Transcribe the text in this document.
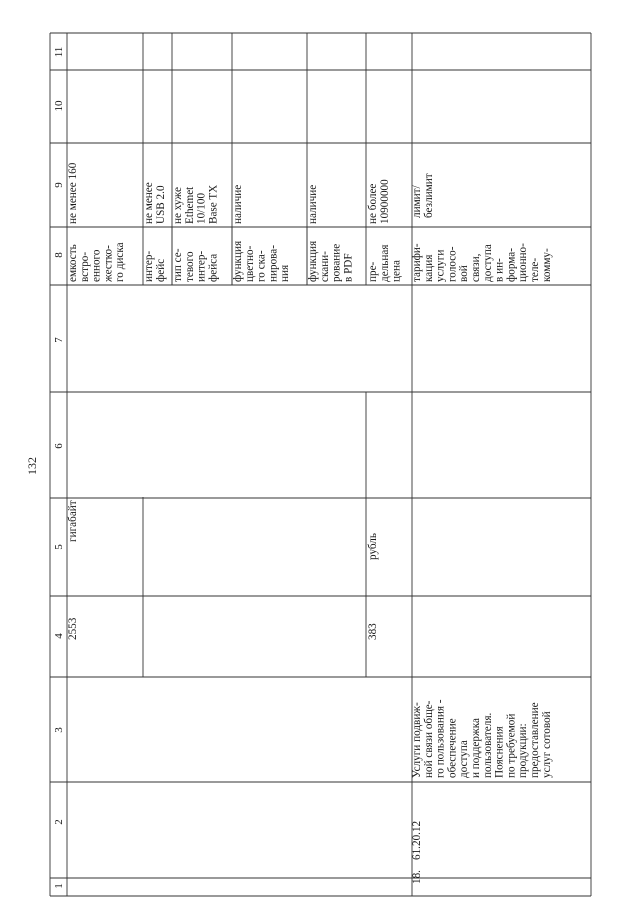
132
1
2
3
4
5
6
7
8
9
10
11
2553
гигабайт
емкость встро- енного жестко- го диска
не менее 160
интер- фейс
не менее USB 2.0
тип се- тевого интер- фейса
не хуже Ethemet 10/100 Base TX
функция цветно- го ска- нирова- ния
наличие
функция скани- рование в PDF
наличие
383
рубль
пре- дельная цена
не более 10900000
18.
61.20.12
Услуги подвиж- ной связи обще- го пользования - обеспечение доступа и поддержка пользователя. Пояснения по требуемой продукции: предоставление услуг сотовой
тарифи- кация услуги голосо- вой связи, доступа в ин- форма- ционно- теле- комму-
лимит/ безлимит
